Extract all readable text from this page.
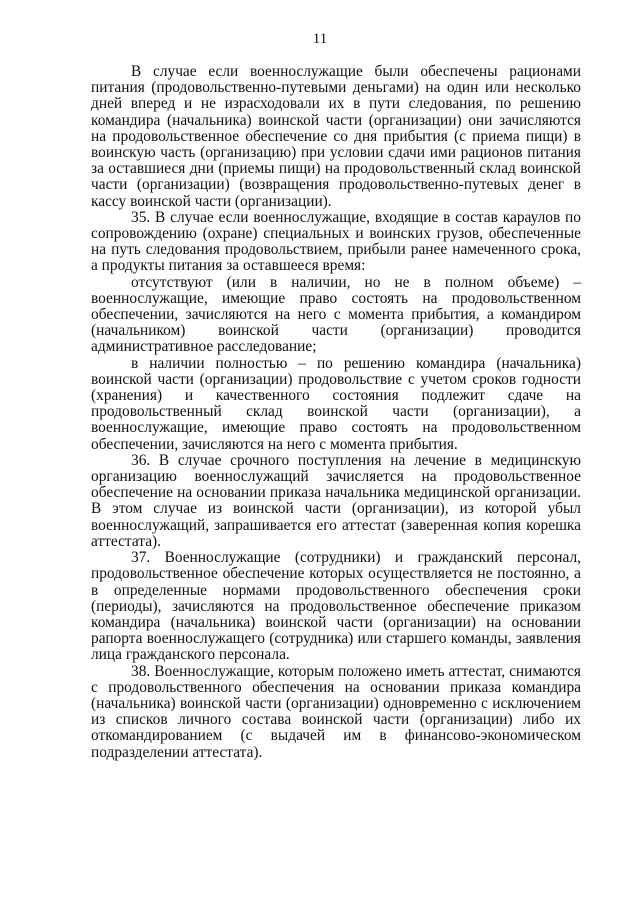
11

В случае если военнослужащие были обеспечены рационами питания (продовольственно-путевыми деньгами) на один или несколько дней вперед и не израсходовали их в пути следования, по решению командира (начальника) воинской части (организации) они зачисляются на продовольственное обеспечение со дня прибытия (с приема пищи) в воинскую часть (организацию) при условии сдачи ими рационов питания за оставшиеся дни (приемы пищи) на продовольственный склад воинской части (организации) (возвращения продовольственно-путевых денег в кассу воинской части (организации).

35. В случае если военнослужащие, входящие в состав караулов по сопровождению (охране) специальных и воинских грузов, обеспеченные на путь следования продовольствием, прибыли ранее намеченного срока, а продукты питания за оставшееся время:

отсутствуют (или в наличии, но не в полном объеме) – военнослужащие, имеющие право состоять на продовольственном обеспечении, зачисляются на него с момента прибытия, а командиром (начальником) воинской части (организации) проводится административное расследование;

в наличии полностью – по решению командира (начальника) воинской части (организации) продовольствие с учетом сроков годности (хранения) и качественного состояния подлежит сдаче на продовольственный склад воинской части (организации), а военнослужащие, имеющие право состоять на продовольственном обеспечении, зачисляются на него с момента прибытия.

36. В случае срочного поступления на лечение в медицинскую организацию военнослужащий зачисляется на продовольственное обеспечение на основании приказа начальника медицинской организации. В этом случае из воинской части (организации), из которой убыл военнослужащий, запрашивается его аттестат (заверенная копия корешка аттестата).

37. Военнослужащие (сотрудники) и гражданский персонал, продовольственное обеспечение которых осуществляется не постоянно, а в определенные нормами продовольственного обеспечения сроки (периоды), зачисляются на продовольственное обеспечение приказом командира (начальника) воинской части (организации) на основании рапорта военнослужащего (сотрудника) или старшего команды, заявления лица гражданского персонала.

38. Военнослужащие, которым положено иметь аттестат, снимаются с продовольственного обеспечения на основании приказа командира (начальника) воинской части (организации) одновременно с исключением из списков личного состава воинской части (организации) либо их откомандированием (с выдачей им в финансово-экономическом подразделении аттестата).
